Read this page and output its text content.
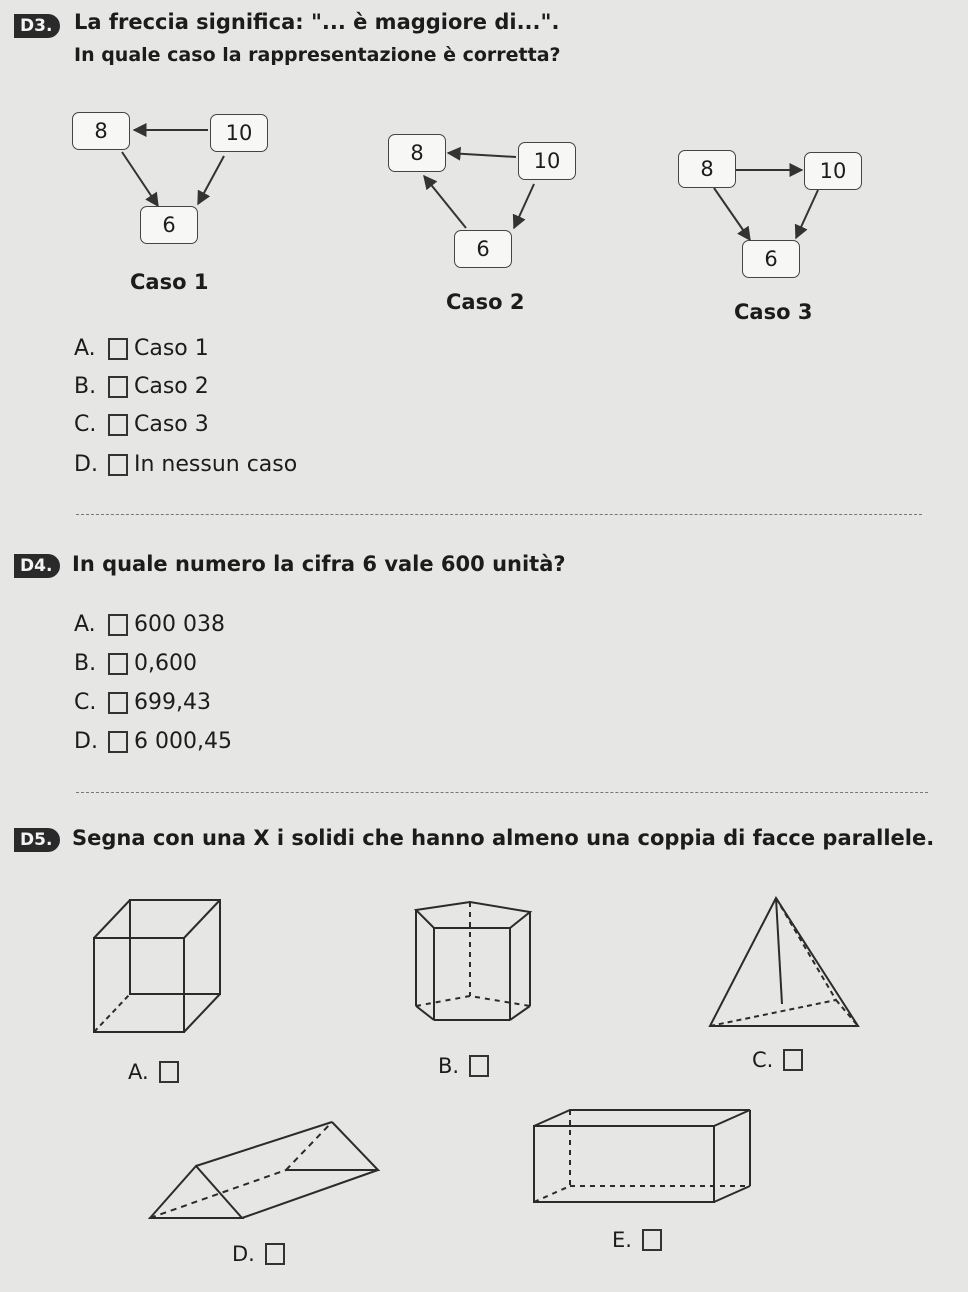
D3.	La freccia significa: "... è maggiore di...".
In quale caso la rappresentazione è corretta?
8	10
6
Caso 1
8	10
6
Caso 2
8	10
6
Caso 3
A.	Caso 1
B.	Caso 2
C.	Caso 3
D.	In nessun caso
D4. In quale numero la cifra 6 vale 600 unità?
A.	600 038
B.	0,600
C.	699,43
D.	6 000,45
D5. Segna con una X i solidi che hanno almeno una coppia di facce parallele.
A.	B.	C.
D.
E.
